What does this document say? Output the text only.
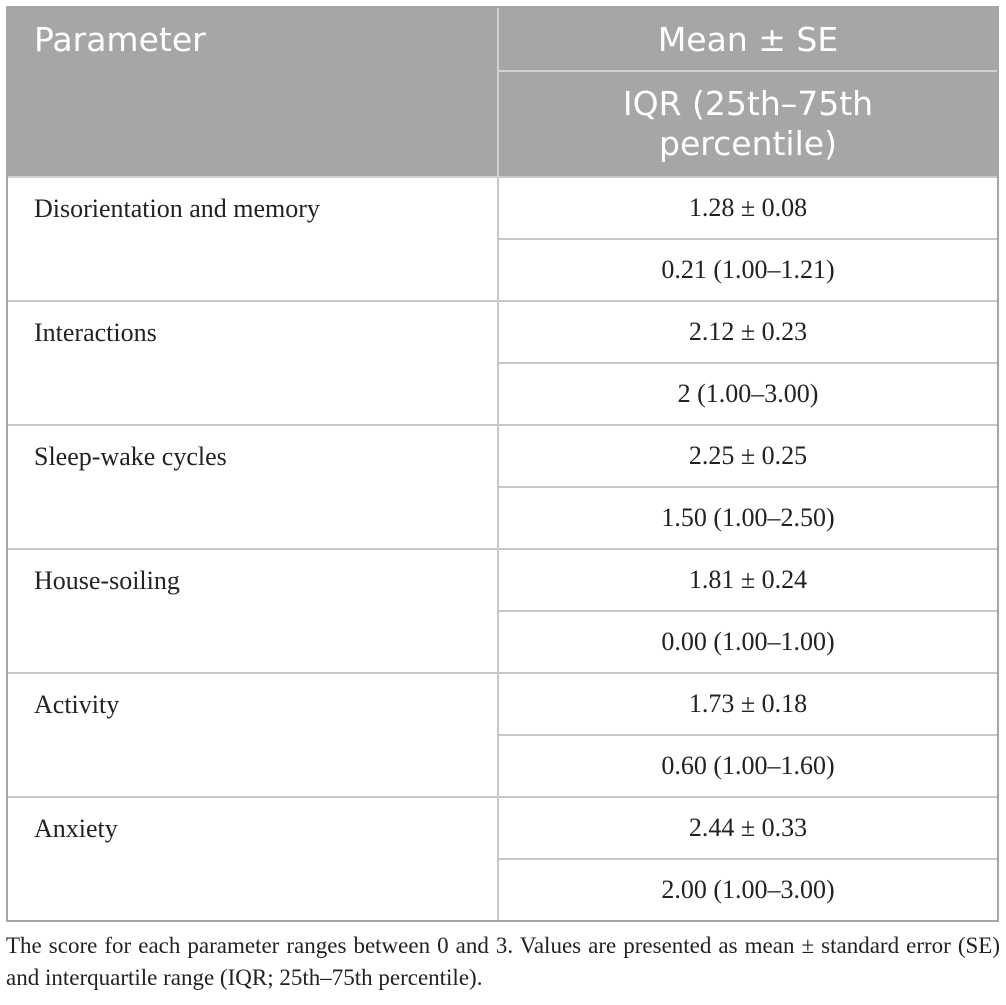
Parameter	Mean ± SE

	IQR (25th–75th percentile)

Disorientation and memory	1.28 ± 0.08
	0.21 (1.00–1.21)
Interactions	2.12 ± 0.23
	2 (1.00–3.00)
Sleep-wake cycles	2.25 ± 0.25
	1.50 (1.00–2.50)
House-soiling	1.81 ± 0.24
	0.00 (1.00–1.00)
Activity	1.73 ± 0.18
	0.60 (1.00–1.60)
Anxiety	2.44 ± 0.33
	2.00 (1.00–3.00)
The score for each parameter ranges between 0 and 3. Values are presented as mean ± standard error (SE) and interquartile range (IQR; 25th–75th percentile).
